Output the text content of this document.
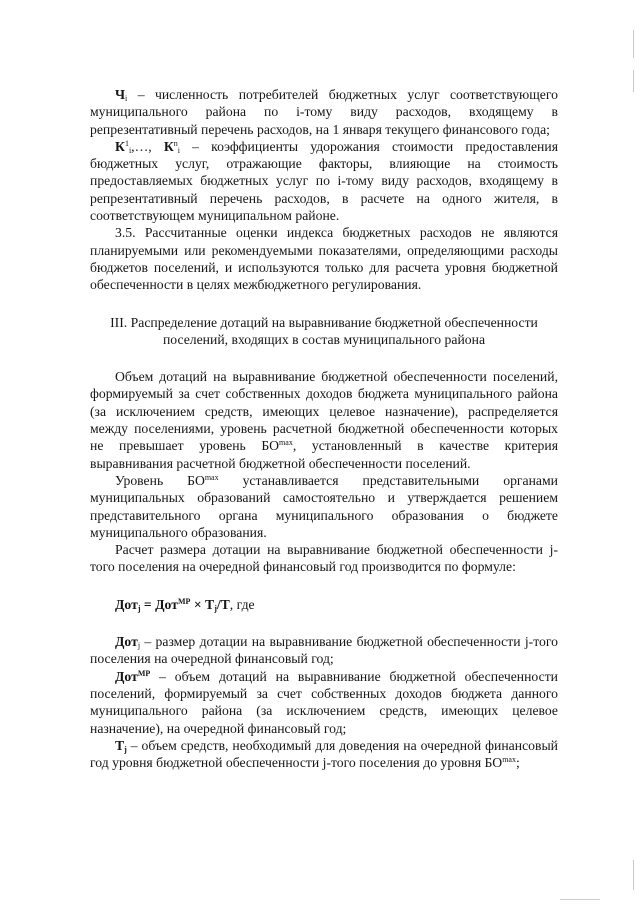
$Ч_i$ – численность потребителей бюджетных услуг соответствующего муниципального района по i-тому виду расходов, входящему в репрезентативный перечень расходов, на 1 января текущего финансового года;

$К^1_i,\dots$, $К^n_i$ – коэффициенты удорожания стоимости предоставления бюджетных услуг, отражающие факторы, влияющие на стоимость предоставляемых бюджетных услуг по i-тому виду расходов, входящему в репрезентативный перечень расходов, в расчете на одного жителя, в соответствующем муниципальном районе.

3.5. Рассчитанные оценки индекса бюджетных расходов не являются планируемыми или рекомендуемыми показателями, определяющими расходы бюджетов поселений, и используются только для расчета уровня бюджетной обеспеченности в целях межбюджетного регулирования.

III. Распределение дотаций на выравнивание бюджетной обеспеченности поселений, входящих в состав муниципального района

Объем дотаций на выравнивание бюджетной обеспеченности поселений, формируемый за счет собственных доходов бюджета муниципального района (за исключением средств, имеющих целевое назначение), распределяется между поселениями, уровень расчетной бюджетной обеспеченности которых не превышает уровень $БО^{max}$, установленный в качестве критерия выравнивания расчетной бюджетной обеспеченности поселений.

Уровень $БО^{max}$ устанавливается представительными органами муниципальных образований самостоятельно и утверждается решением представительного органа муниципального образования о бюджете муниципального образования.

Расчет размера дотации на выравнивание бюджетной обеспеченности j-того поселения на очередной финансовый год производится по формуле:

$Дот_j = Дот^{МР} \times T_j/T$, где

Дот$_j$ – размер дотации на выравнивание бюджетной обеспеченности j-того поселения на очередной финансовый год;

Дот$^{МР}$ – объем дотаций на выравнивание бюджетной обеспеченности поселений, формируемый за счет собственных доходов бюджета данного муниципального района (за исключением средств, имеющих целевое назначение), на очередной финансовый год;

$T_j$ – объем средств, необходимый для доведения на очередной финансовый год уровня бюджетной обеспеченности j-того поселения до уровня $БО^{max}$;
